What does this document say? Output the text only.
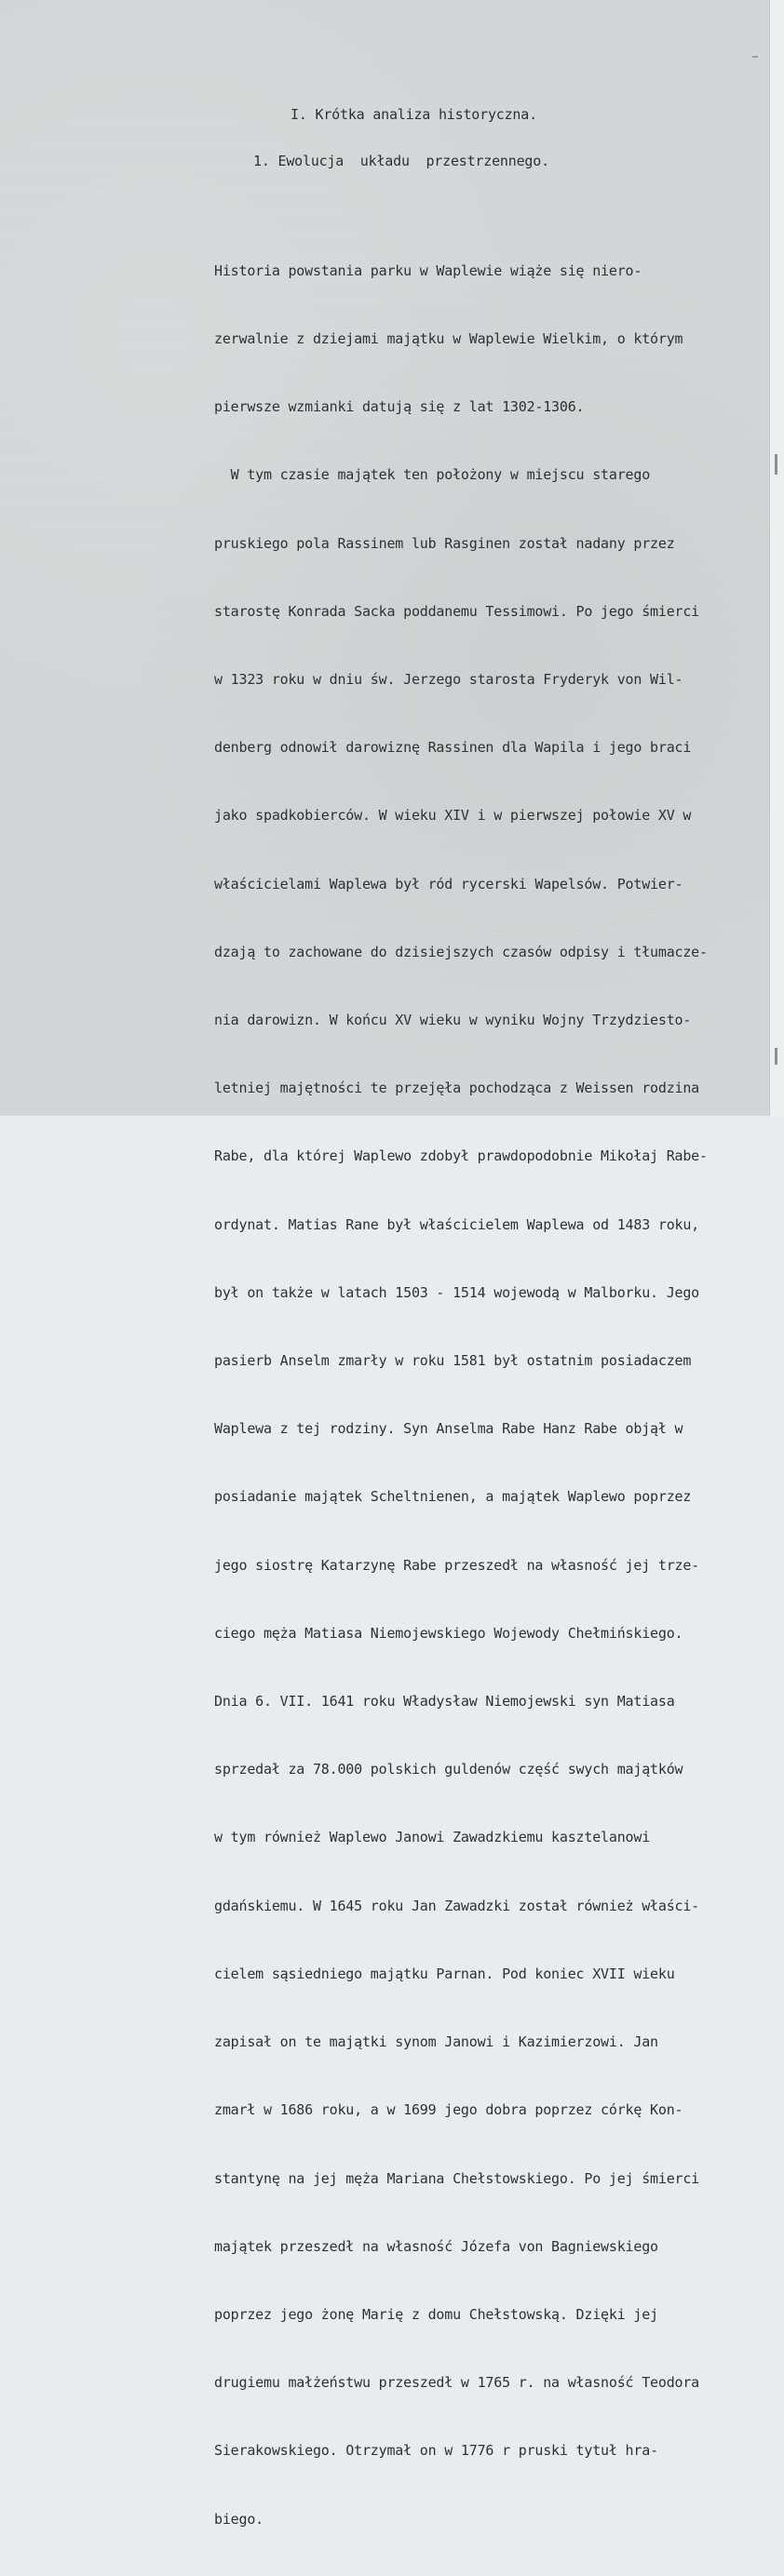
I. Krótka analiza historyczna.
1. Ewolucja  układu  przestrzennego.

Historia powstania parku w Waplewie wiąże się niero-

zerwalnie z dziejami majątku w Waplewie Wielkim, o którym

pierwsze wzmianki datują się z lat 1302-1306.

W tym czasie majątek ten położony w miejscu starego

pruskiego pola Rassinem lub Rasginen został nadany przez

starostę Konrada Sacka poddanemu Tessimowi. Po jego śmierci

w 1323 roku w dniu św. Jerzego starosta Fryderyk von Wil-

denberg odnowił darowiznę Rassinen dla Wapila i jego braci

jako spadkobierców. W wieku XIV i w pierwszej połowie XV w

właścicielami Waplewa był ród rycerski Wapelsów. Potwier-

dzają to zachowane do dzisiejszych czasów odpisy i tłumacze-

nia darowizn. W końcu XV wieku w wyniku Wojny Trzydziesto-

letniej majętności te przejęła pochodząca z Weissen rodzina

Rabe, dla której Waplewo zdobył prawdopodobnie Mikołaj Rabe-

ordynat. Matias Rane był właścicielem Waplewa od 1483 roku,

był on także w latach 1503 - 1514 wojewodą w Malborku. Jego

pasierb Anselm zmarły w roku 1581 był ostatnim posiadaczem

Waplewa z tej rodziny. Syn Anselma Rabe Hanz Rabe objął w

posiadanie majątek Scheltnienen, a majątek Waplewo poprzez

jego siostrę Katarzynę Rabe przeszedł na własność jej trze-

ciego męża Matiasa Niemojewskiego Wojewody Chełmińskiego.

Dnia 6. VII. 1641 roku Władysław Niemojewski syn Matiasa

sprzedał za 78.000 polskich guldenów część swych majątków

w tym również Waplewo Janowi Zawadzkiemu kasztelanowi

gdańskiemu. W 1645 roku Jan Zawadzki został również właści-

cielem sąsiedniego majątku Parnan. Pod koniec XVII wieku

zapisał on te majątki synom Janowi i Kazimierzowi. Jan

zmarł w 1686 roku, a w 1699 jego dobra poprzez córkę Kon-

stantynę na jej męża Mariana Chełstowskiego. Po jej śmierci

majątek przeszedł na własność Józefa von Bagniewskiego

poprzez jego żonę Marię z domu Chełstowską. Dzięki jej

drugiemu małżeństwu przeszedł w 1765 r. na własność Teodora

Sierakowskiego. Otrzymał on w 1776 r pruski tytuł hra-

biego.
